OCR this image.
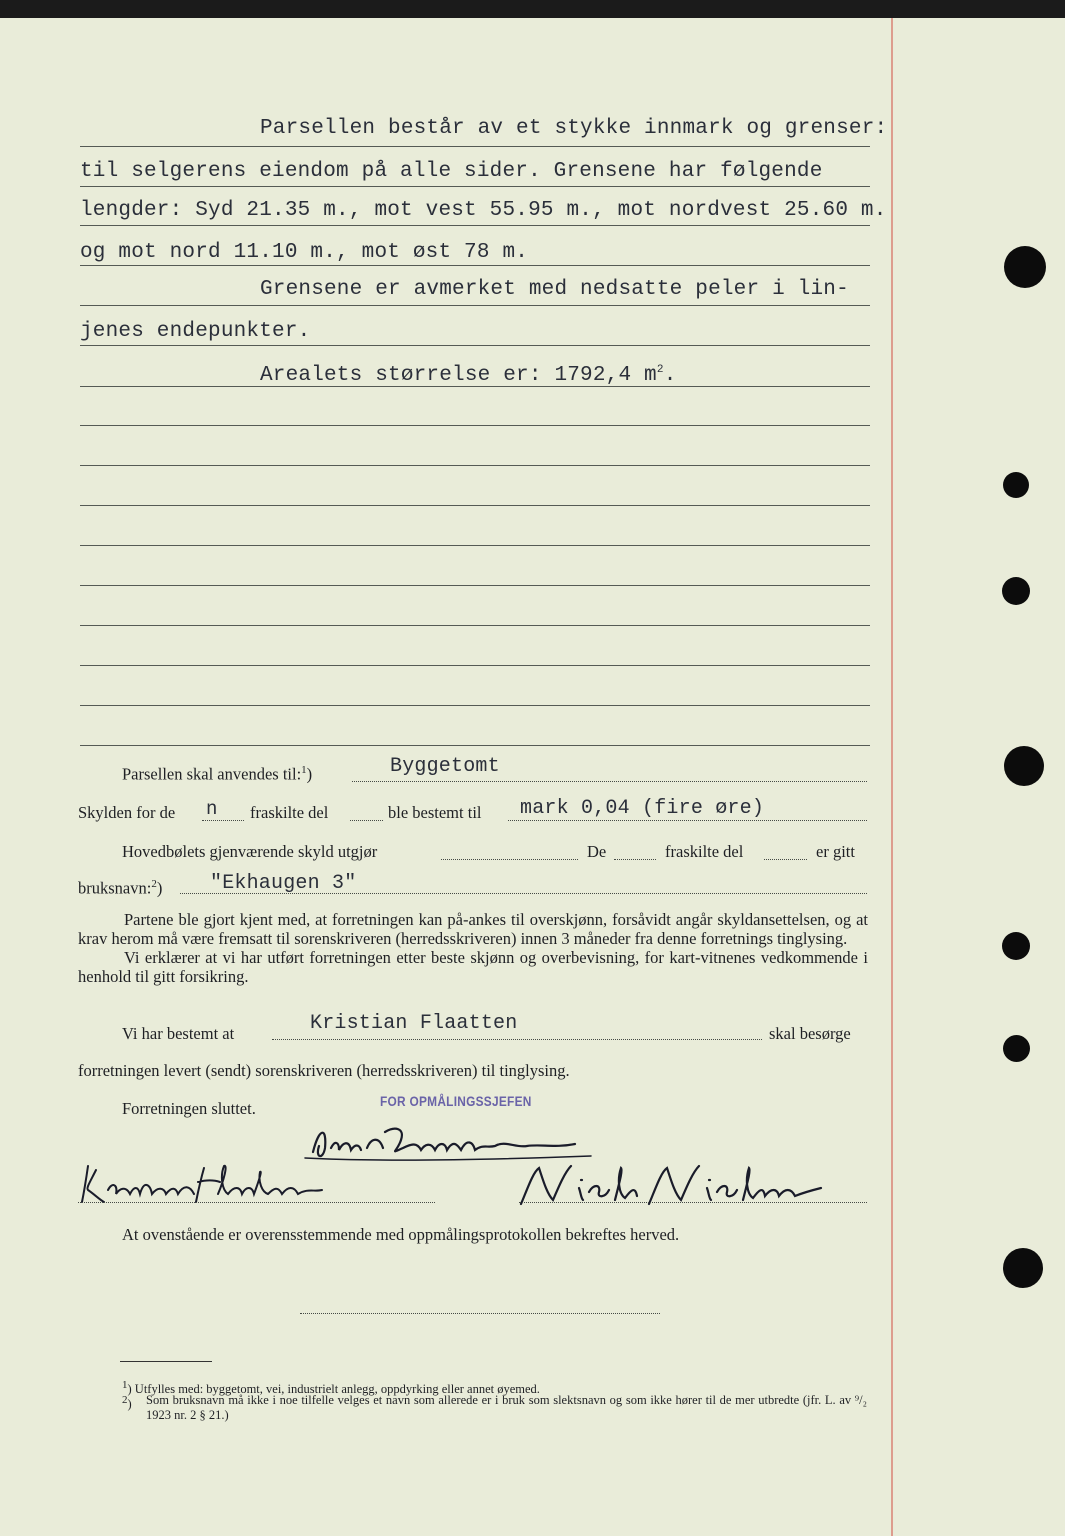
Parsellen består av et stykke innmark og grenser:
til selgerens eiendom på alle sider. Grensene har følgende
lengder: Syd 21.35 m., mot vest 55.95 m., mot nordvest 25.60 m.
og mot nord 11.10 m., mot øst 78 m.
Grensene er avmerket med nedsatte peler i lin-
jenes endepunkter.
Arealets størrelse er: 1792,4 $m^2$.
Parsellen skal anvendes til:$^1$)	Byggetomt
Skylden for de n fraskilte del	ble bestemt til mark 0,04 (fire øre)
Hovedbølets gjenværende skyld utgjør	De	fraskilte del	er gitt
bruksnavn:$^2$) "Ekhaugen 3"

Partene ble gjort kjent med, at forretningen kan på-ankes til overskjønn, forsåvidt angår skyldansettelsen, og at krav herom må være fremsatt til sorenskriveren (herredsskriveren) innen 3 måneder fra denne forretnings tinglysing.

Vi erklærer at vi har utført forretningen etter beste skjønn og overbevisning, for kart-vitnenes vedkommende i henhold til gitt forsikring.

Vi har bestemt at	Kristian Flaatten	skal besørge
forretningen levert (sendt) sorenskriveren (herredsskriveren) til tinglysing.
Forretningen sluttet.	FOR OPMÅLINGSSJEFEN
At ovenstående er overensstemmende med oppmålingsprotokollen bekreftes herved.
$^1$) Utfylles med: byggetomt, vei, industrielt anlegg, oppdyrking eller annet øyemed.
$^2$)	Som bruksnavn må ikke i noe tilfelle velges et navn som allerede er i bruk som slektsnavn og som ikke hører til de mer utbredte (jfr. L. av ⁹/₂ 1923 nr. 2 § 21.)
